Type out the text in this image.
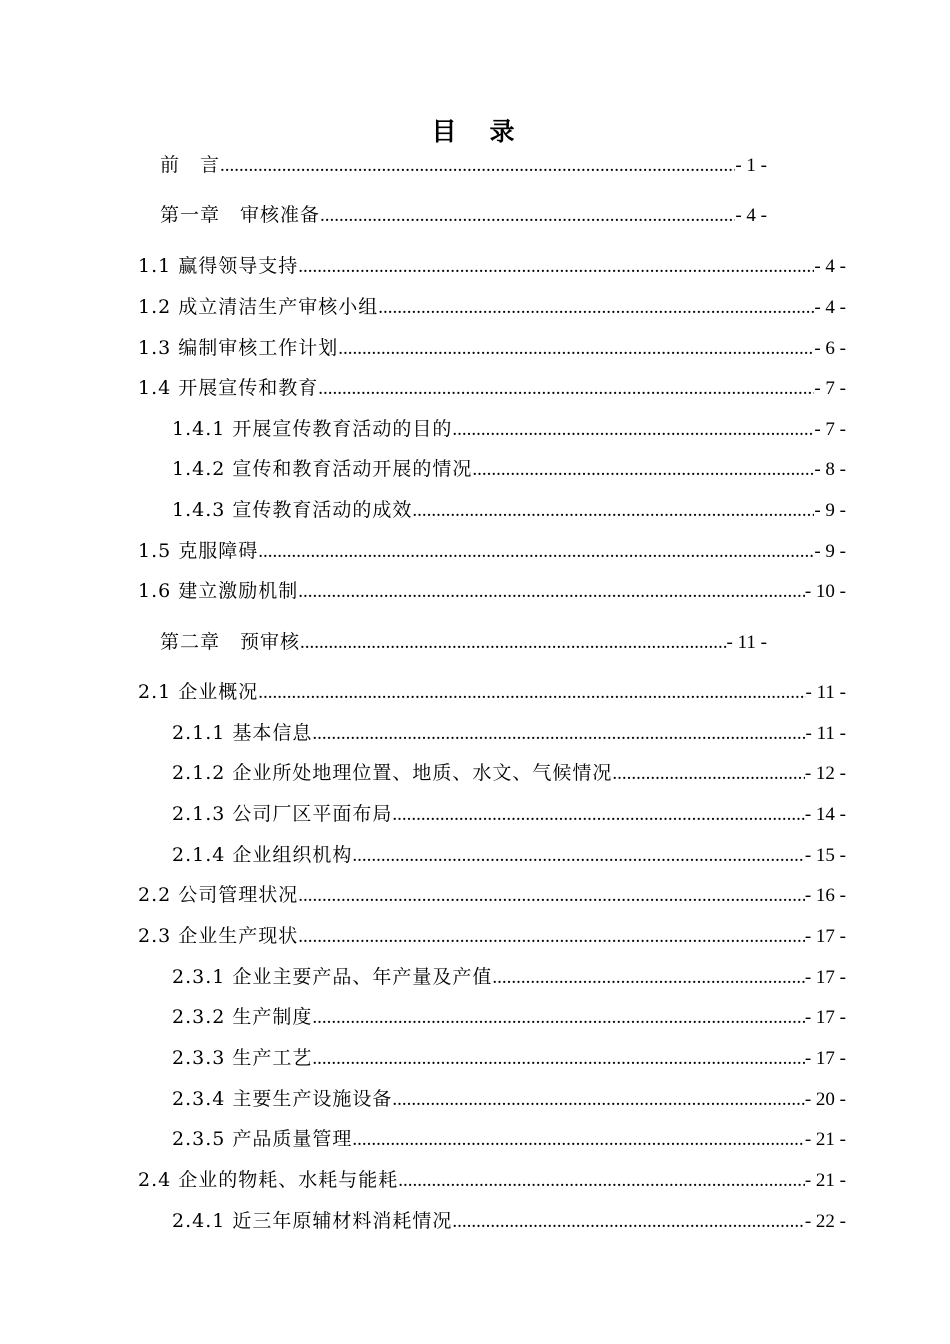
目　录
前　言 .....	- 1 -
第一章　审核准备 .....	- 4 -
1.1 赢得领导支持 .....	- 4 -
1.2 成立清洁生产审核小组 .....	- 4 -
1.3 编制审核工作计划 .....	- 6 -
1.4 开展宣传和教育 .....	- 7 -
1.4.1 开展宣传教育活动的目的 .....	- 7 -
1.4.2 宣传和教育活动开展的情况 .....	- 8 -
1.4.3 宣传教育活动的成效 .....	- 9 -
1.5 克服障碍 .....	- 9 -
1.6 建立激励机制 .....	- 10 -
第二章　预审核 .....	- 11 -
2.1 企业概况 .....	- 11 -
2.1.1 基本信息 .....	- 11 -
2.1.2 企业所处地理位置、地质、水文、气候情况 .....	- 12 -
2.1.3 公司厂区平面布局 .....	- 14 -
2.1.4 企业组织机构 .....	- 15 -
2.2 公司管理状况 .....	- 16 -
2.3 企业生产现状 .....	- 17 -
2.3.1 企业主要产品、年产量及产值 .....	- 17 -
2.3.2 生产制度 .....	- 17 -
2.3.3 生产工艺 .....	- 17 -
2.3.4 主要生产设施设备 .....	- 20 -
2.3.5 产品质量管理 .....	- 21 -
2.4 企业的物耗、水耗与能耗 .....	- 21 -
2.4.1 近三年原辅材料消耗情况 .....	- 22 -
